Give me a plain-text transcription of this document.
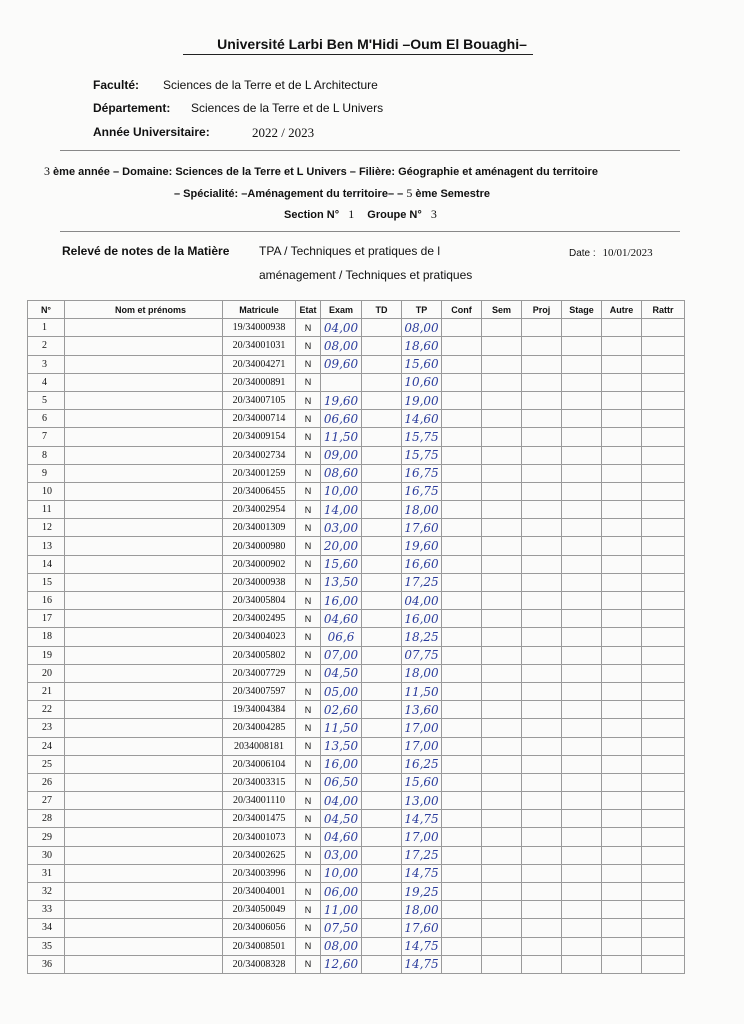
Université Larbi Ben M'Hidi –Oum El Bouaghi–
Faculté: Sciences de la Terre et de L Architecture
Département: Sciences de la Terre et de L Univers
Année Universitaire:	2022 / 2023
3 ème année – Domaine: Sciences de la Terre et L Univers – Filière: Géographie et aménagent du territoire
– Spécialité: –Aménagement du territoire– – 5 ème Semestre
Section N° 1 Groupe N° 3
Relevé de notes de la Matière TPA / Techniques et pratiques de l
aménagement / Techniques et pratiques
Date : 10/01/2023
N°	Nom et prénoms	Matricule	Etat	Exam	TD	TP	Conf	Sem	Proj	Stage	Autre	Rattr
1		19/34000938	N	04,00		08,00						
2		20/34001031	N	08,00		18,60						
3		20/34004271	N	09,60		15,60						
4		20/34000891	N			10,60						
5		20/34007105	N	19,60		19,00						
6		20/34000714	N	06,60		14,60						
7		20/34009154	N	11,50		15,75						
8		20/34002734	N	09,00		15,75						
9		20/34001259	N	08,60		16,75						
10		20/34006455	N	10,00		16,75						
11		20/34002954	N	14,00		18,00						
12		20/34001309	N	03,00		17,60						
13		20/34000980	N	20,00		19,60						
14		20/34000902	N	15,60		16,60						
15		20/34000938	N	13,50		17,25						
16		20/34005804	N	16,00		04,00						
17		20/34002495	N	04,60		16,00						
18		20/34004023	N	06,6		18,25						
19		20/34005802	N	07,00		07,75						
20		20/34007729	N	04,50		18,00						
21		20/34007597	N	05,00		11,50						
22		19/34004384	N	02,60		13,60						
23		20/34004285	N	11,50		17,00						
24		2034008181	N	13,50		17,00						
25		20/34006104	N	16,00		16,25						
26		20/34003315	N	06,50		15,60						
27		20/34001110	N	04,00		13,00						
28		20/34001475	N	04,50		14,75						
29		20/34001073	N	04,60		17,00						
30		20/34002625	N	03,00		17,25						
31		20/34003996	N	10,00		14,75						
32		20/34004001	N	06,00		19,25						
33		20/34050049	N	11,00		18,00						
34		20/34006056	N	07,50		17,60						
35		20/34008501	N	08,00		14,75						
36		20/34008328	N	12,60		14,75						
